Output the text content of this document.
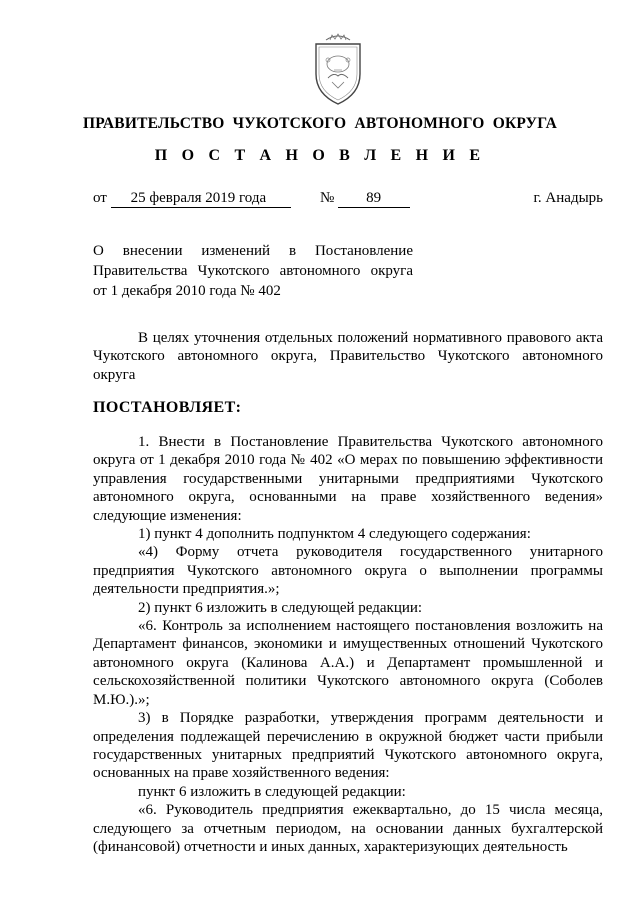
ПРАВИТЕЛЬСТВО  ЧУКОТСКОГО  АВТОНОМНОГО  ОКРУГА
П О С Т А Н О В Л Е Н И Е
от 25 февраля 2019 года	№ 89	г. Анадырь
О внесении изменений в Постановление
Правительства Чукотского автономного округа
от 1 декабря 2010 года № 402

В целях уточнения отдельных положений нормативного правового акта Чукотского автономного округа, Правительство Чукотского автономного округа

ПОСТАНОВЛЯЕТ:

1. Внести в Постановление Правительства Чукотского автономного округа от 1 декабря 2010 года № 402 «О мерах по повышению эффективности управления государственными унитарными предприятиями Чукотского автономного округа, основанными на праве хозяйственного ведения» следующие изменения:

1) пункт 4 дополнить подпунктом 4 следующего содержания:

«4) Форму отчета руководителя государственного унитарного предприятия Чукотского автономного округа о выполнении программы деятельности предприятия.»;

2) пункт 6 изложить в следующей редакции:

«6. Контроль за исполнением настоящего постановления возложить на Департамент финансов, экономики и имущественных отношений Чукотского автономного округа (Калинова А.А.) и Департамент промышленной и сельскохозяйственной политики Чукотского автономного округа (Соболев М.Ю.).»;

3) в Порядке разработки, утверждения программ деятельности и определения подлежащей перечислению в окружной бюджет части прибыли государственных унитарных предприятий Чукотского автономного округа, основанных на праве хозяйственного ведения:

пункт 6 изложить в следующей редакции:

«6. Руководитель предприятия ежеквартально, до 15 числа месяца, следующего за отчетным периодом, на основании данных бухгалтерской (финансовой) отчетности и иных данных, характеризующих деятельность
